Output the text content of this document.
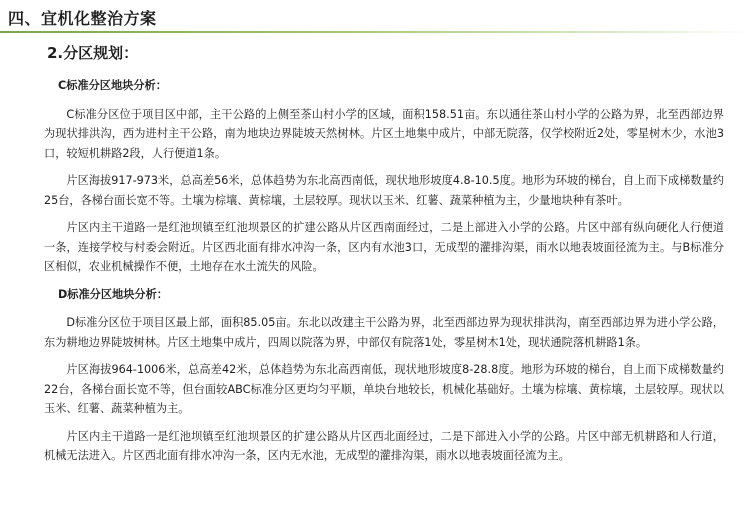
四、宜机化整治方案
2.分区规划：
C标准分区地块分析：

C标准分区位于项目区中部，主干公路的上侧至茶山村小学的区域，面积158.51亩。东以通往茶山村小学的公路为界，北至西部边界为现状排洪沟，西为进村主干公路，南为地块边界陡坡天然树林。片区土地集中成片，中部无院落，仅学校附近2处，零星树木少，水池3口，较短机耕路2段，人行便道1条。

片区海拔917-973米，总高差56米，总体趋势为东北高西南低，现状地形坡度4.8-10.5度。地形为环坡的梯台，自上而下成梯数量约25台，各梯台面长宽不等。土壤为棕壤、黄棕壤，土层较厚。现状以玉米、红薯、蔬菜种植为主，少量地块种有茶叶。

片区内主干道路一是红池坝镇至红池坝景区的扩建公路从片区西南面经过，二是上部进入小学的公路。片区中部有纵向硬化人行便道一条，连接学校与村委会附近。片区西北面有排水冲沟一条，区内有水池3口，无成型的灌排沟渠，雨水以地表坡面径流为主。与B标准分区相似，农业机械操作不便，土地存在水土流失的风险。

D标准分区地块分析：

D标准分区位于项目区最上部，面积85.05亩。东北以改建主干公路为界，北至西部边界为现状排洪沟，南至西部边界为进小学公路，东为耕地边界陡坡树林。片区土地集中成片，四周以院落为界，中部仅有院落1处，零星树木1处，现状通院落机耕路1条。

片区海拔964-1006米，总高差42米，总体趋势为东北高西南低，现状地形坡度8-28.8度。地形为环坡的梯台，自上而下成梯数量约22台，各梯台面长宽不等，但台面较ABC标准分区更均匀平顺，单块台地较长，机械化基础好。土壤为棕壤、黄棕壤，土层较厚。现状以玉米、红薯、蔬菜种植为主。

片区内主干道路一是红池坝镇至红池坝景区的扩建公路从片区西北面经过，二是下部进入小学的公路。片区中部无机耕路和人行道，机械无法进入。片区西北面有排水冲沟一条，区内无水池，无成型的灌排沟渠，雨水以地表坡面径流为主。
